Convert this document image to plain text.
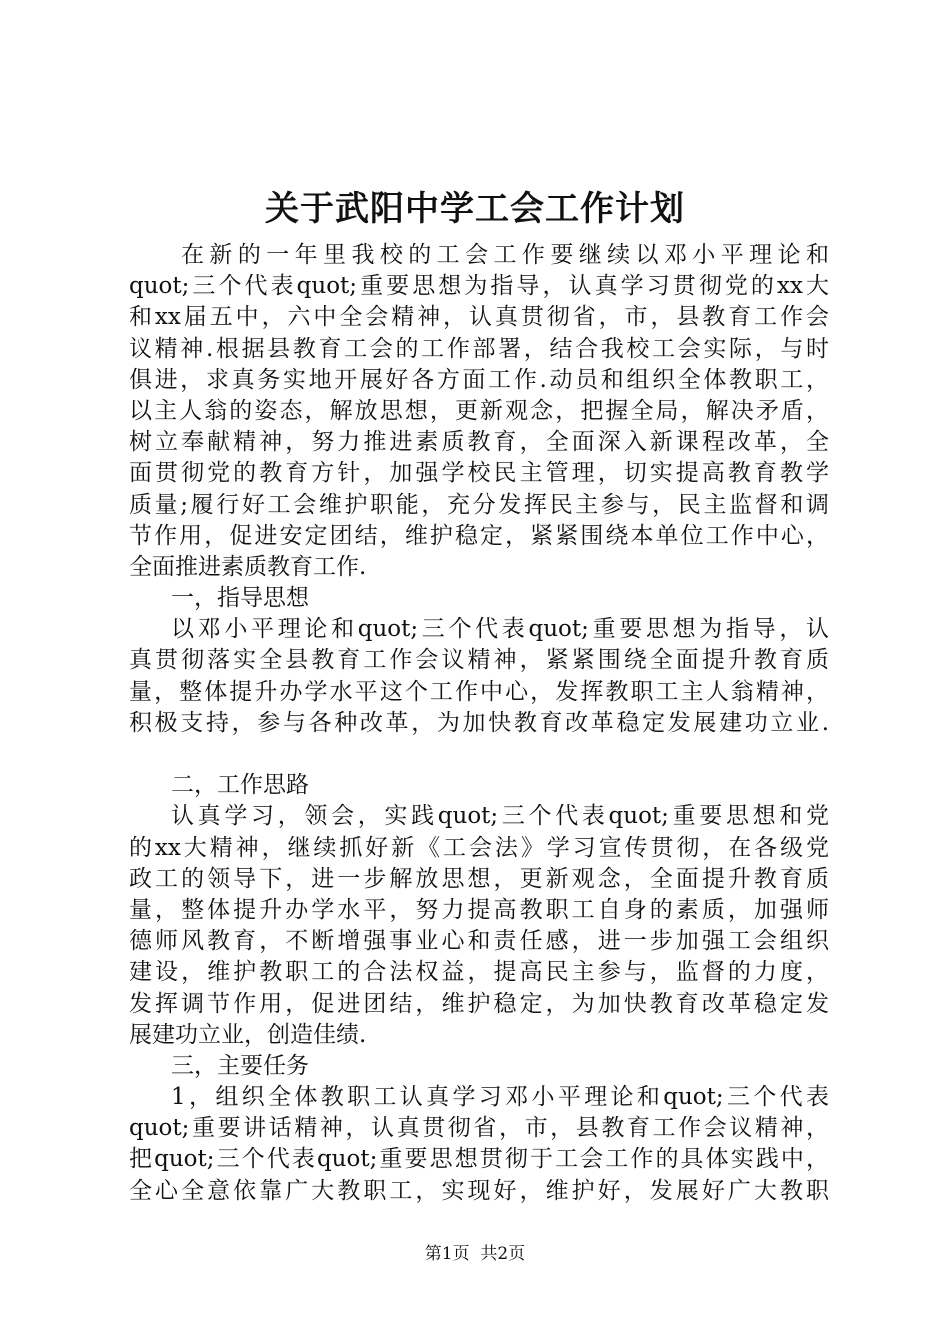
关于武阳中学工会工作计划
在新的一年里我校的工会工作要继续以邓小平理论和
quot;三个代表quot;重要思想为指导，认真学习贯彻党的xx大
和xx届五中，六中全会精神，认真贯彻省，市，县教育工作会
议精神.根据县教育工会的工作部署，结合我校工会实际，与时
俱进，求真务实地开展好各方面工作.动员和组织全体教职工，
以主人翁的姿态，解放思想，更新观念，把握全局，解决矛盾，
树立奉献精神，努力推进素质教育，全面深入新课程改革，全
面贯彻党的教育方针，加强学校民主管理，切实提高教育教学
质量;履行好工会维护职能，充分发挥民主参与，民主监督和调
节作用，促进安定团结，维护稳定，紧紧围绕本单位工作中心，
全面推进素质教育工作.
一，指导思想
以邓小平理论和quot;三个代表quot;重要思想为指导，认
真贯彻落实全县教育工作会议精神，紧紧围绕全面提升教育质
量，整体提升办学水平这个工作中心，发挥教职工主人翁精神，
积极支持，参与各种改革，为加快教育改革稳定发展建功立业.
二，工作思路
认真学习，领会，实践quot;三个代表quot;重要思想和党
的xx大精神，继续抓好新《工会法》学习宣传贯彻，在各级党
政工的领导下，进一步解放思想，更新观念，全面提升教育质
量，整体提升办学水平，努力提高教职工自身的素质，加强师
德师风教育，不断增强事业心和责任感，进一步加强工会组织
建设，维护教职工的合法权益，提高民主参与，监督的力度，
发挥调节作用，促进团结，维护稳定，为加快教育改革稳定发
展建功立业，创造佳绩.
三，主要任务
1，组织全体教职工认真学习邓小平理论和quot;三个代表
quot;重要讲话精神，认真贯彻省，市，县教育工作会议精神，
把quot;三个代表quot;重要思想贯彻于工会工作的具体实践中，
全心全意依靠广大教职工，实现好，维护好，发展好广大教职
第1页 共2页
